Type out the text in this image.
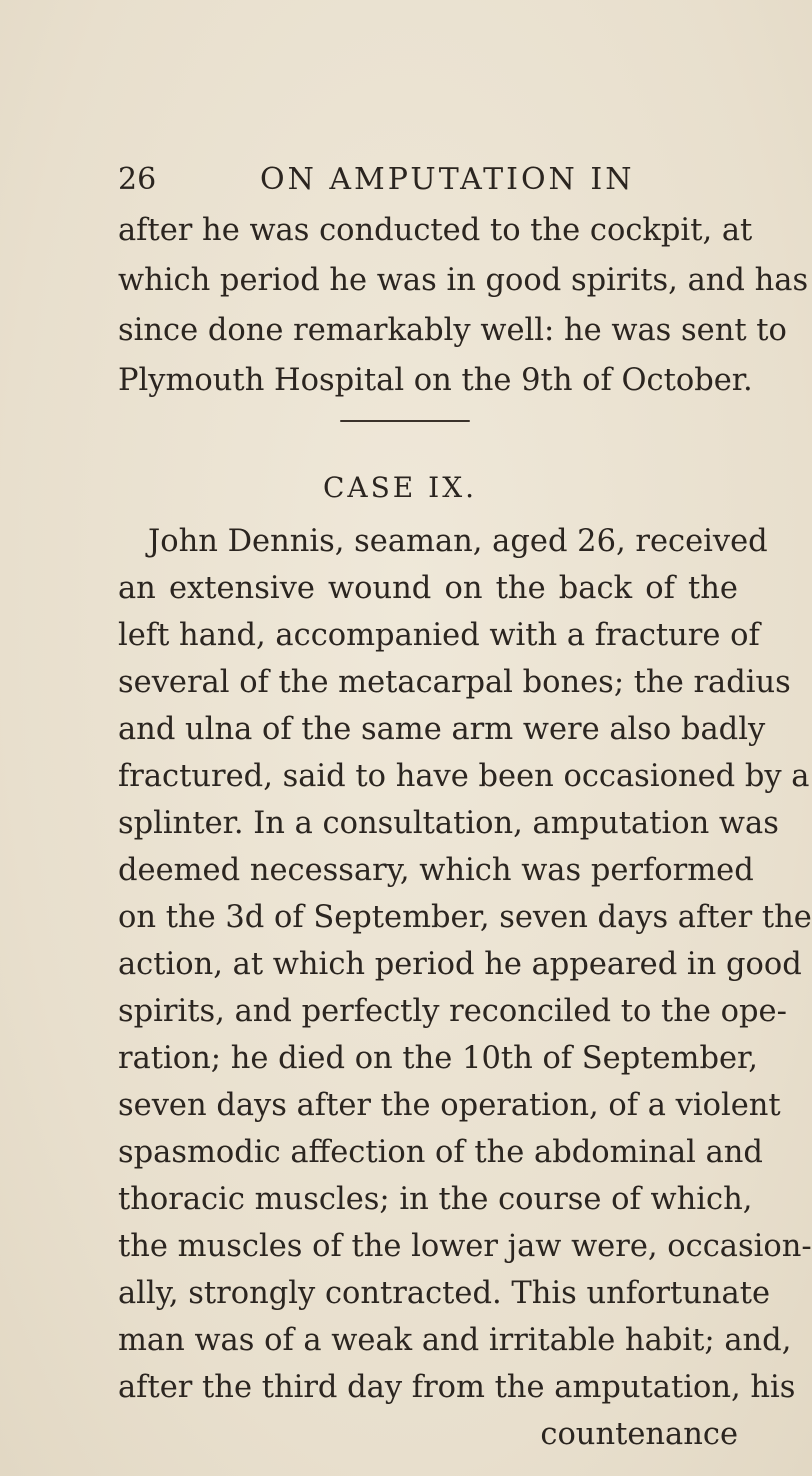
26	ON AMPUTATION IN
after he was conducted to the cockpit, at
which period he was in good spirits, and has
since done remarkably well: he was sent to
Plymouth Hospital on the 9th of October.
CASE IX.
John Dennis, seaman, aged 26, received
an extensive wound on the back of the
left hand, accompanied with a fracture of
several of the metacarpal bones; the radius
and ulna of the same arm were also badly
fractured, said to have been occasioned by a
splinter. In a consultation, amputation was
deemed necessary, which was performed
on the 3d of September, seven days after the
action, at which period he appeared in good
spirits, and perfectly reconciled to the ope-
ration; he died on the 10th of September,
seven days after the operation, of a violent
spasmodic affection of the abdominal and
thoracic muscles; in the course of which,
the muscles of the lower jaw were, occasion-
ally, strongly contracted. This unfortunate
man was of a weak and irritable habit; and,
after the third day from the amputation, his
countenance
